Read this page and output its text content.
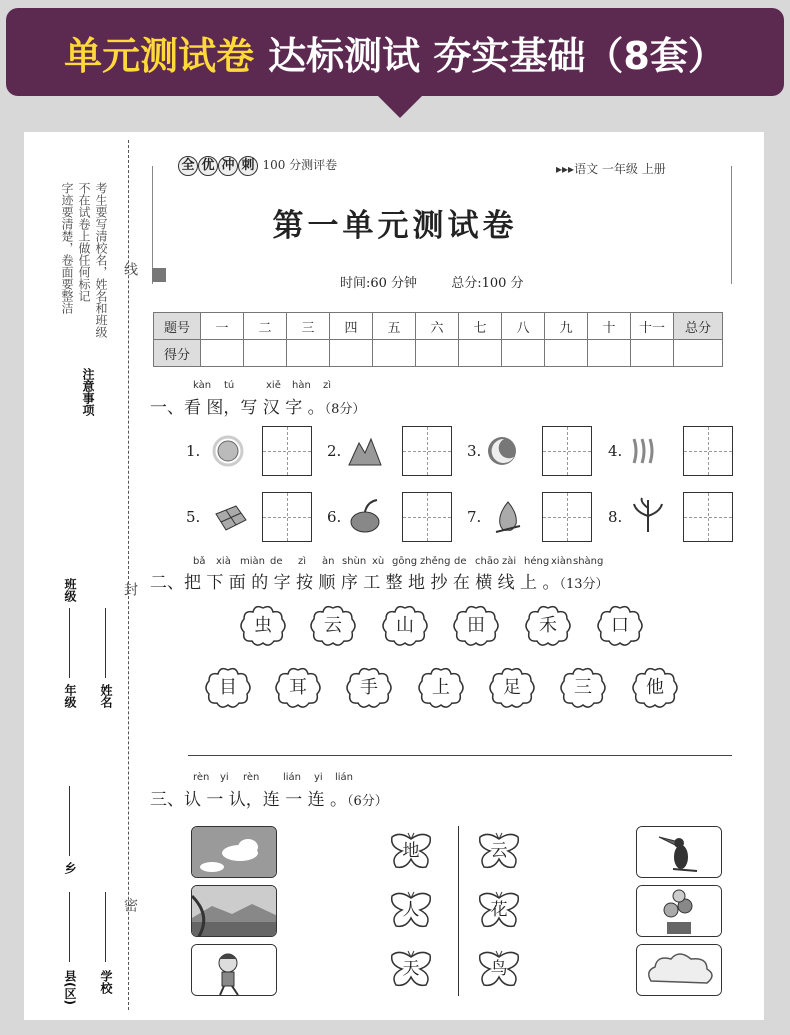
单元测试卷 达标测试 夯实基础（8套）
考生要写清校名，姓名和班级
不在试卷上做任何标记
字迹要清楚，卷面要整洁
注意事项
线
封
密
班级
年级 姓名
乡
县(区) 学校
全 优 冲 刺 100 分测评卷	▸▸▸语文 一年级 上册
第一单元测试卷
时间:60 分钟	总分:100 分
题号	一	二	三	四	五	六	七	八	九	十	十一	总分
得分												
kàn tú	xiě hàn zì
一、看 图，写 汉 字 。（8分）
1.	2.	3.	4.
5.	6.	7.	8.
bǎ xià miàn de zì àn shùn xù gōng zhěng de chāo zài héng xiàn shàng
二、把 下 面 的 字 按 顺 序 工 整 地 抄 在 横 线 上 。（13分）
虫	云	山	田	禾	口
目	耳	手	上	足	三	他
rèn yi rèn lián yi lián
三、认 一 认，连 一 连 。（6分）
地
人
天
云
花
鸟
